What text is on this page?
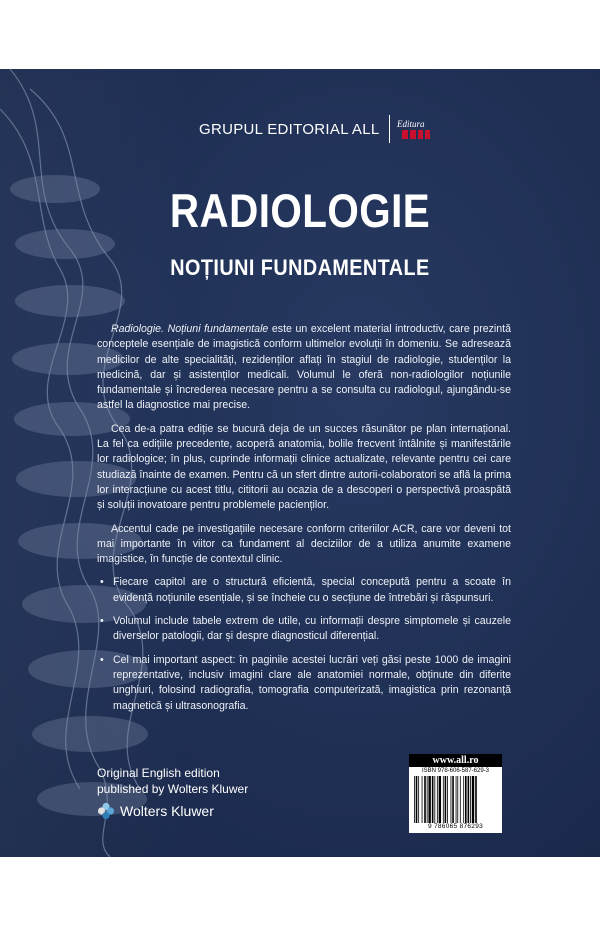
GRUPUL EDITORIAL ALL Editura
RADIOLOGIE
NOȚIUNI FUNDAMENTALE

Radiologie. Noțiuni fundamentale este un excelent material introductiv, care prezintă conceptele esențiale de imagistică conform ultimelor evoluții în domeniu. Se adresează medicilor de alte specialități, rezidenților aflați în stagiul de radiologie, studenților la medicină, dar și asistenților medicali. Volumul le oferă non-radiologilor noțiunile fundamentale și încrederea necesare pentru a se consulta cu radiologul, ajungându-se astfel la diagnostice mai precise.

Cea de-a patra ediție se bucură deja de un succes răsunător pe plan internațional. La fel ca edițiile precedente, acoperă anatomia, bolile frecvent întâlnite și manifestările lor radiologice; în plus, cuprinde informații clinice actualizate, relevante pentru cei care studiază înainte de examen. Pentru că un sfert dintre autorii-colaboratori se află la prima lor interacțiune cu acest titlu, cititorii au ocazia de a descoperi o perspectivă proaspătă și soluții inovatoare pentru problemele pacienților.

Accentul cade pe investigațiile necesare conform criteriilor ACR, care vor deveni tot mai importante în viitor ca fundament al deciziilor de a utiliza anumite examene imagistice, în funcție de contextul clinic.

• Fiecare capitol are o structură eficientă, special concepută pentru a scoate în evidență noțiunile esențiale, și se încheie cu o secțiune de întrebări și răspunsuri.
• Volumul include tabele extrem de utile, cu informații despre simptomele și cauzele diverselor patologii, dar și despre diagnosticul diferențial.
• Cel mai important aspect: în paginile acestei lucrări veți găsi peste 1000 de imagini reprezentative, inclusiv imagini clare ale anatomiei normale, obținute din diferite unghiuri, folosind radiografia, tomografia computerizată, imagistica prin rezonanță magnetică și ultrasonografia.
Original English edition
published by Wolters Kluwer
Wolters Kluwer
www.all.ro
ISBN 978-606-587-629-3
9 786065 876293
